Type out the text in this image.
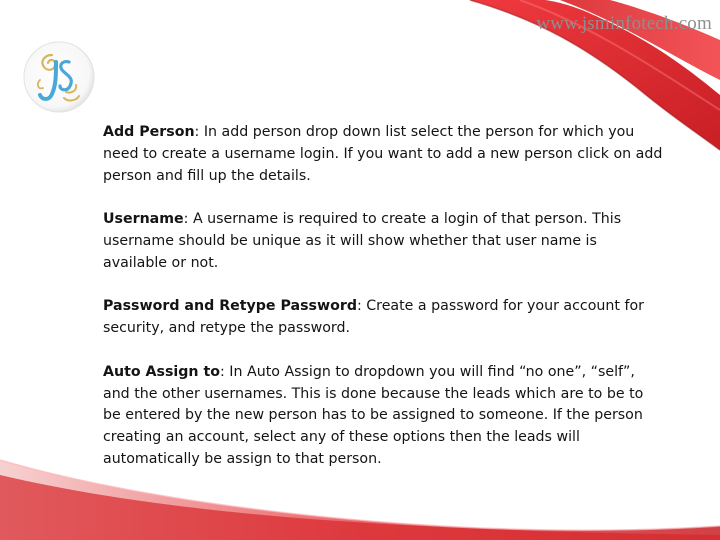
www.jsminfotech.com

Add Person: In add person drop down list select the person for which you need to create a username login. If you want to add a new person click on add person and fill up the details.

Username: A username is required to create a login of that person. This username should be unique as it will show whether that user name is available or not.

Password and Retype Password: Create a password for your account for security, and retype the password.

Auto Assign to: In Auto Assign to dropdown you will find “no one”, “self”, and the other usernames. This is done because the leads which are to be to be entered by the new person has to be assigned to someone. If the person creating an account, select any of these options then the leads will automatically be assign to that person.
